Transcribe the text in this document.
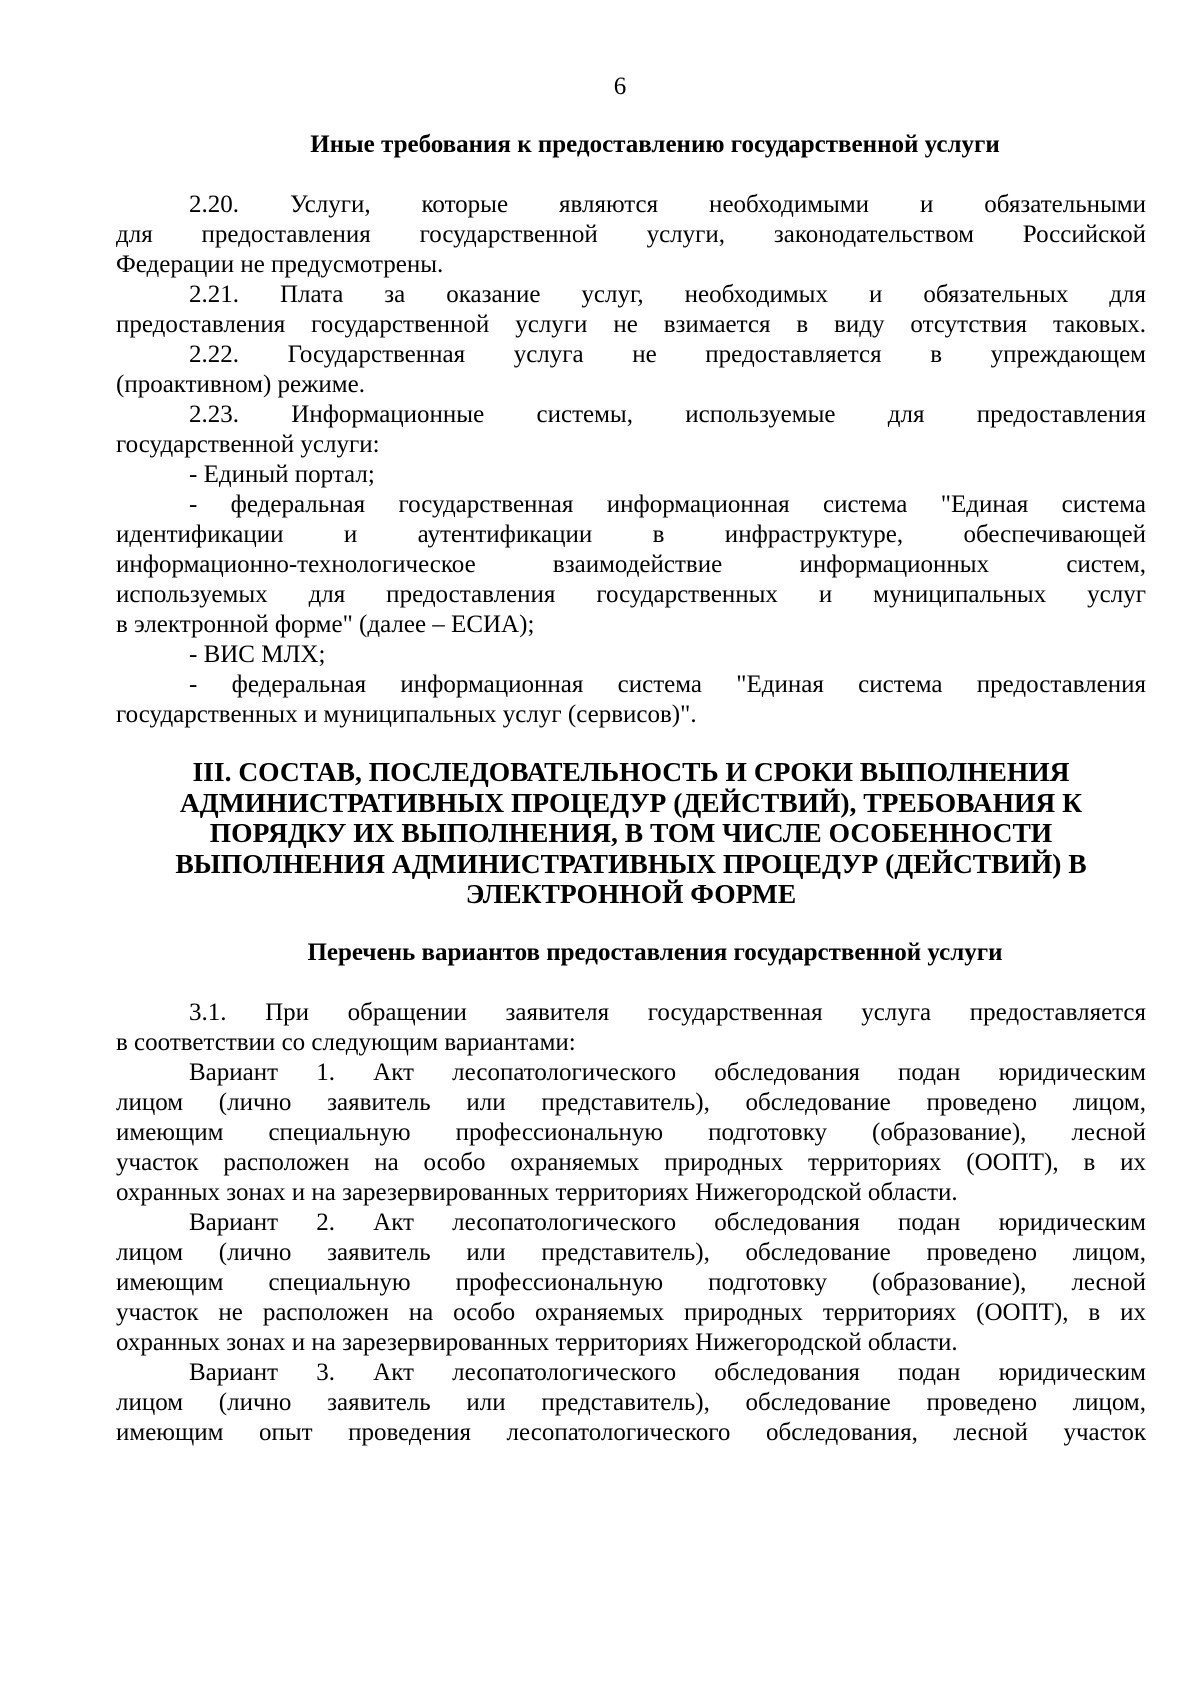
6
Иные требования к предоставлению государственной услуги
2.20. Услуги, которые являются необходимыми и обязательными
для предоставления государственной услуги, законодательством Российской
Федерации не предусмотрены.
2.21. Плата за оказание услуг, необходимых и обязательных для
предоставления государственной услуги не взимается в виду отсутствия таковых.
2.22. Государственная услуга не предоставляется в упреждающем
(проактивном) режиме.
2.23. Информационные системы, используемые для предоставления
государственной услуги:
- Единый портал;
- федеральная государственная информационная система "Единая система
идентификации и аутентификации в инфраструктуре, обеспечивающей
информационно-технологическое взаимодействие информационных систем,
используемых для предоставления государственных и муниципальных услуг
в электронной форме" (далее – ЕСИА);
- ВИС МЛХ;
- федеральная информационная система "Единая система предоставления
государственных и муниципальных услуг (сервисов)".
III. СОСТАВ, ПОСЛЕДОВАТЕЛЬНОСТЬ И СРОКИ ВЫПОЛНЕНИЯ
АДМИНИСТРАТИВНЫХ ПРОЦЕДУР (ДЕЙСТВИЙ), ТРЕБОВАНИЯ К
ПОРЯДКУ ИХ ВЫПОЛНЕНИЯ, В ТОМ ЧИСЛЕ ОСОБЕННОСТИ
ВЫПОЛНЕНИЯ АДМИНИСТРАТИВНЫХ ПРОЦЕДУР (ДЕЙСТВИЙ) В
ЭЛЕКТРОННОЙ ФОРМЕ
Перечень вариантов предоставления государственной услуги
3.1. При обращении заявителя государственная услуга предоставляется
в соответствии со следующим вариантами:
Вариант 1. Акт лесопатологического обследования подан юридическим
лицом (лично заявитель или представитель), обследование проведено лицом,
имеющим специальную профессиональную подготовку (образование), лесной
участок расположен на особо охраняемых природных территориях (ООПТ), в их
охранных зонах и на зарезервированных территориях Нижегородской области.
Вариант 2. Акт лесопатологического обследования подан юридическим
лицом (лично заявитель или представитель), обследование проведено лицом,
имеющим специальную профессиональную подготовку (образование), лесной
участок не расположен на особо охраняемых природных территориях (ООПТ), в их
охранных зонах и на зарезервированных территориях Нижегородской области.
Вариант 3. Акт лесопатологического обследования подан юридическим
лицом (лично заявитель или представитель), обследование проведено лицом,
имеющим опыт проведения лесопатологического обследования, лесной участок
